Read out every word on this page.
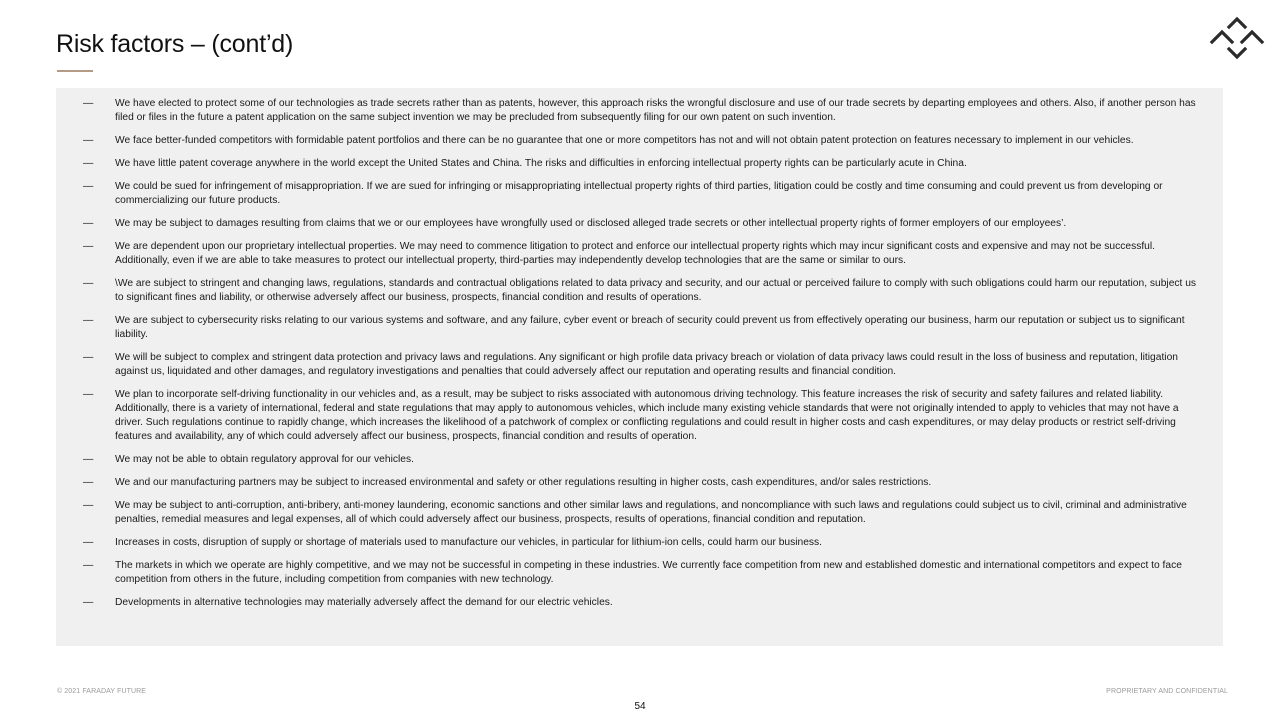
Risk factors – (cont’d)
— We have elected to protect some of our technologies as trade secrets rather than as patents, however, this approach risks the wrongful disclosure and use of our trade secrets by departing employees and others. Also, if another person has filed or files in the future a patent application on the same subject invention we may be precluded from subsequently filing for our own patent on such invention.
— We face better-funded competitors with formidable patent portfolios and there can be no guarantee that one or more competitors has not and will not obtain patent protection on features necessary to implement in our vehicles.
— We have little patent coverage anywhere in the world except the United States and China. The risks and difficulties in enforcing intellectual property rights can be particularly acute in China.
— We could be sued for infringement of misappropriation. If we are sued for infringing or misappropriating intellectual property rights of third parties, litigation could be costly and time consuming and could prevent us from developing or commercializing our future products.
— We may be subject to damages resulting from claims that we or our employees have wrongfully used or disclosed alleged trade secrets or other intellectual property rights of former employers of our employees’.
— We are dependent upon our proprietary intellectual properties. We may need to commence litigation to protect and enforce our intellectual property rights which may incur significant costs and expensive and may not be successful. Additionally, even if we are able to take measures to protect our intellectual property, third-parties may independently develop technologies that are the same or similar to ours.
— \We are subject to stringent and changing laws, regulations, standards and contractual obligations related to data privacy and security, and our actual or perceived failure to comply with such obligations could harm our reputation, subject us to significant fines and liability, or otherwise adversely affect our business, prospects, financial condition and results of operations.
— We are subject to cybersecurity risks relating to our various systems and software, and any failure, cyber event or breach of security could prevent us from effectively operating our business, harm our reputation or subject us to significant liability.
— We will be subject to complex and stringent data protection and privacy laws and regulations. Any significant or high profile data privacy breach or violation of data privacy laws could result in the loss of business and reputation, litigation against us, liquidated and other damages, and regulatory investigations and penalties that could adversely affect our reputation and operating results and financial condition.
— We plan to incorporate self-driving functionality in our vehicles and, as a result, may be subject to risks associated with autonomous driving technology. This feature increases the risk of security and safety failures and related liability. Additionally, there is a variety of international, federal and state regulations that may apply to autonomous vehicles, which include many existing vehicle standards that were not originally intended to apply to vehicles that may not have a driver. Such regulations continue to rapidly change, which increases the likelihood of a patchwork of complex or conflicting regulations and could result in higher costs and cash expenditures, or may delay products or restrict self-driving features and availability, any of which could adversely affect our business, prospects, financial condition and results of operation.
— We may not be able to obtain regulatory approval for our vehicles.
— We and our manufacturing partners may be subject to increased environmental and safety or other regulations resulting in higher costs, cash expenditures, and/or sales restrictions.
— We may be subject to anti-corruption, anti-bribery, anti-money laundering, economic sanctions and other similar laws and regulations, and noncompliance with such laws and regulations could subject us to civil, criminal and administrative penalties, remedial measures and legal expenses, all of which could adversely affect our business, prospects, results of operations, financial condition and reputation.
— Increases in costs, disruption of supply or shortage of materials used to manufacture our vehicles, in particular for lithium-ion cells, could harm our business.
— The markets in which we operate are highly competitive, and we may not be successful in competing in these industries. We currently face competition from new and established domestic and international competitors and expect to face competition from others in the future, including competition from companies with new technology.
— Developments in alternative technologies may materially adversely affect the demand for our electric vehicles.
© 2021 FARADAY FUTURE	PROPRIETARY AND CONFIDENTIAL
54
